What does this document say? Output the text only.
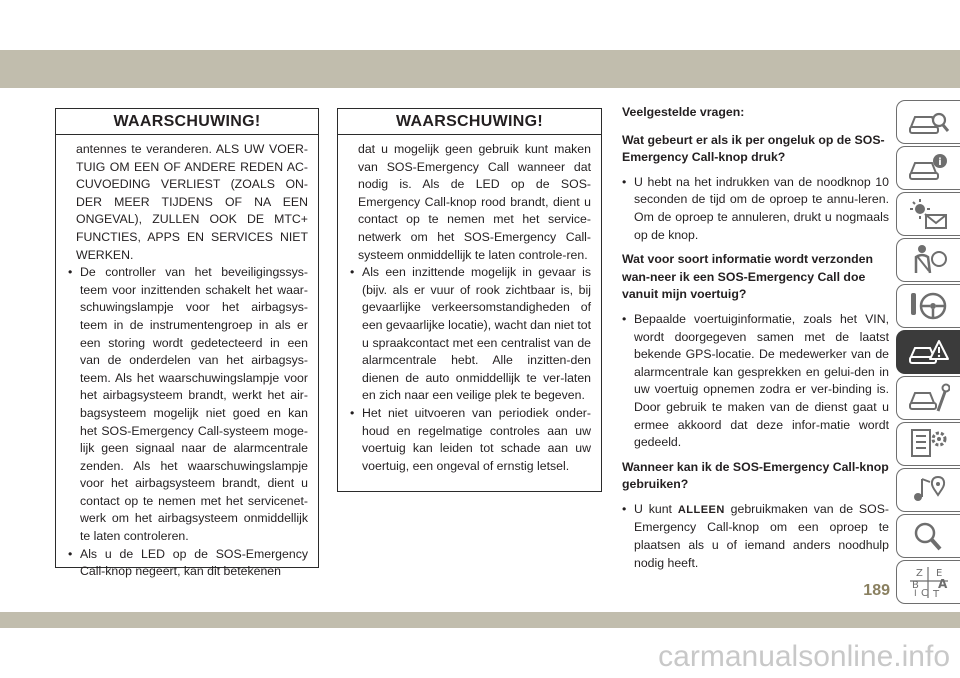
WAARSCHUWING!

antennes te veranderen. ALS UW VOER-TUIG OM EEN OF ANDERE REDEN AC-CUVOEDING VERLIEST (ZOALS ON-DER MEER TIJDENS OF NA EEN ONGEVAL), ZULLEN OOK DE MTC+ FUNCTIES, APPS EN SERVICES NIET WERKEN.

• De controller van het beveiligingssys-teem voor inzittenden schakelt het waar-schuwingslampje voor het airbagsys-teem in de instrumentengroep in als er een storing wordt gedetecteerd in een van de onderdelen van het airbagsys-teem. Als het waarschuwingslampje voor het airbagsysteem brandt, werkt het air-bagsysteem mogelijk niet goed en kan het SOS-Emergency Call-systeem moge-lijk geen signaal naar de alarmcentrale zenden. Als het waarschuwingslampje voor het airbagsysteem brandt, dient u contact op te nemen met het servicenet-werk om het airbagsysteem onmiddellijk te laten controleren.
• Als u de LED op de SOS-Emergency Call-knop negeert, kan dit betekenen
WAARSCHUWING!

dat u mogelijk geen gebruik kunt maken van SOS-Emergency Call wanneer dat nodig is. Als de LED op de SOS-Emergency Call-knop rood brandt, dient u contact op te nemen met het service-netwerk om het SOS-Emergency Call-systeem onmiddellijk te laten controle-ren.

• Als een inzittende mogelijk in gevaar is (bijv. als er vuur of rook zichtbaar is, bij gevaarlijke verkeersomstandigheden of een gevaarlijke locatie), wacht dan niet tot u spraakcontact met een centralist van de alarmcentrale hebt. Alle inzitten-den dienen de auto onmiddellijk te ver-laten en zich naar een veilige plek te begeven.
• Het niet uitvoeren van periodiek onder-houd en regelmatige controles aan uw voertuig kan leiden tot schade aan uw voertuig, een ongeval of ernstig letsel.
Veelgestelde vragen:
Wat gebeurt er als ik per ongeluk op de SOS-Emergency Call-knop druk?
• U hebt na het indrukken van de noodknop 10 seconden de tijd om de oproep te annu-leren. Om de oproep te annuleren, drukt u nogmaals op de knop.
Wat voor soort informatie wordt verzonden wan-neer ik een SOS-Emergency Call doe vanuit mijn voertuig?
• Bepaalde voertuiginformatie, zoals het VIN, wordt doorgegeven samen met de laatst bekende GPS-locatie. De medewerker van de alarmcentrale kan gesprekken en gelui-den in uw voertuig opnemen zodra er ver-binding is. Door gebruik te maken van de dienst gaat u ermee akkoord dat deze infor-matie wordt gedeeld.
Wanneer kan ik de SOS-Emergency Call-knop gebruiken?
• U kunt ALLEEN gebruikmaken van de SOS-Emergency Call-knop om een oproep te plaatsen als u of iemand anders noodhulp nodig heeft.
i
Z
B
C
E
A
I T
189
carmanualsonline.info
